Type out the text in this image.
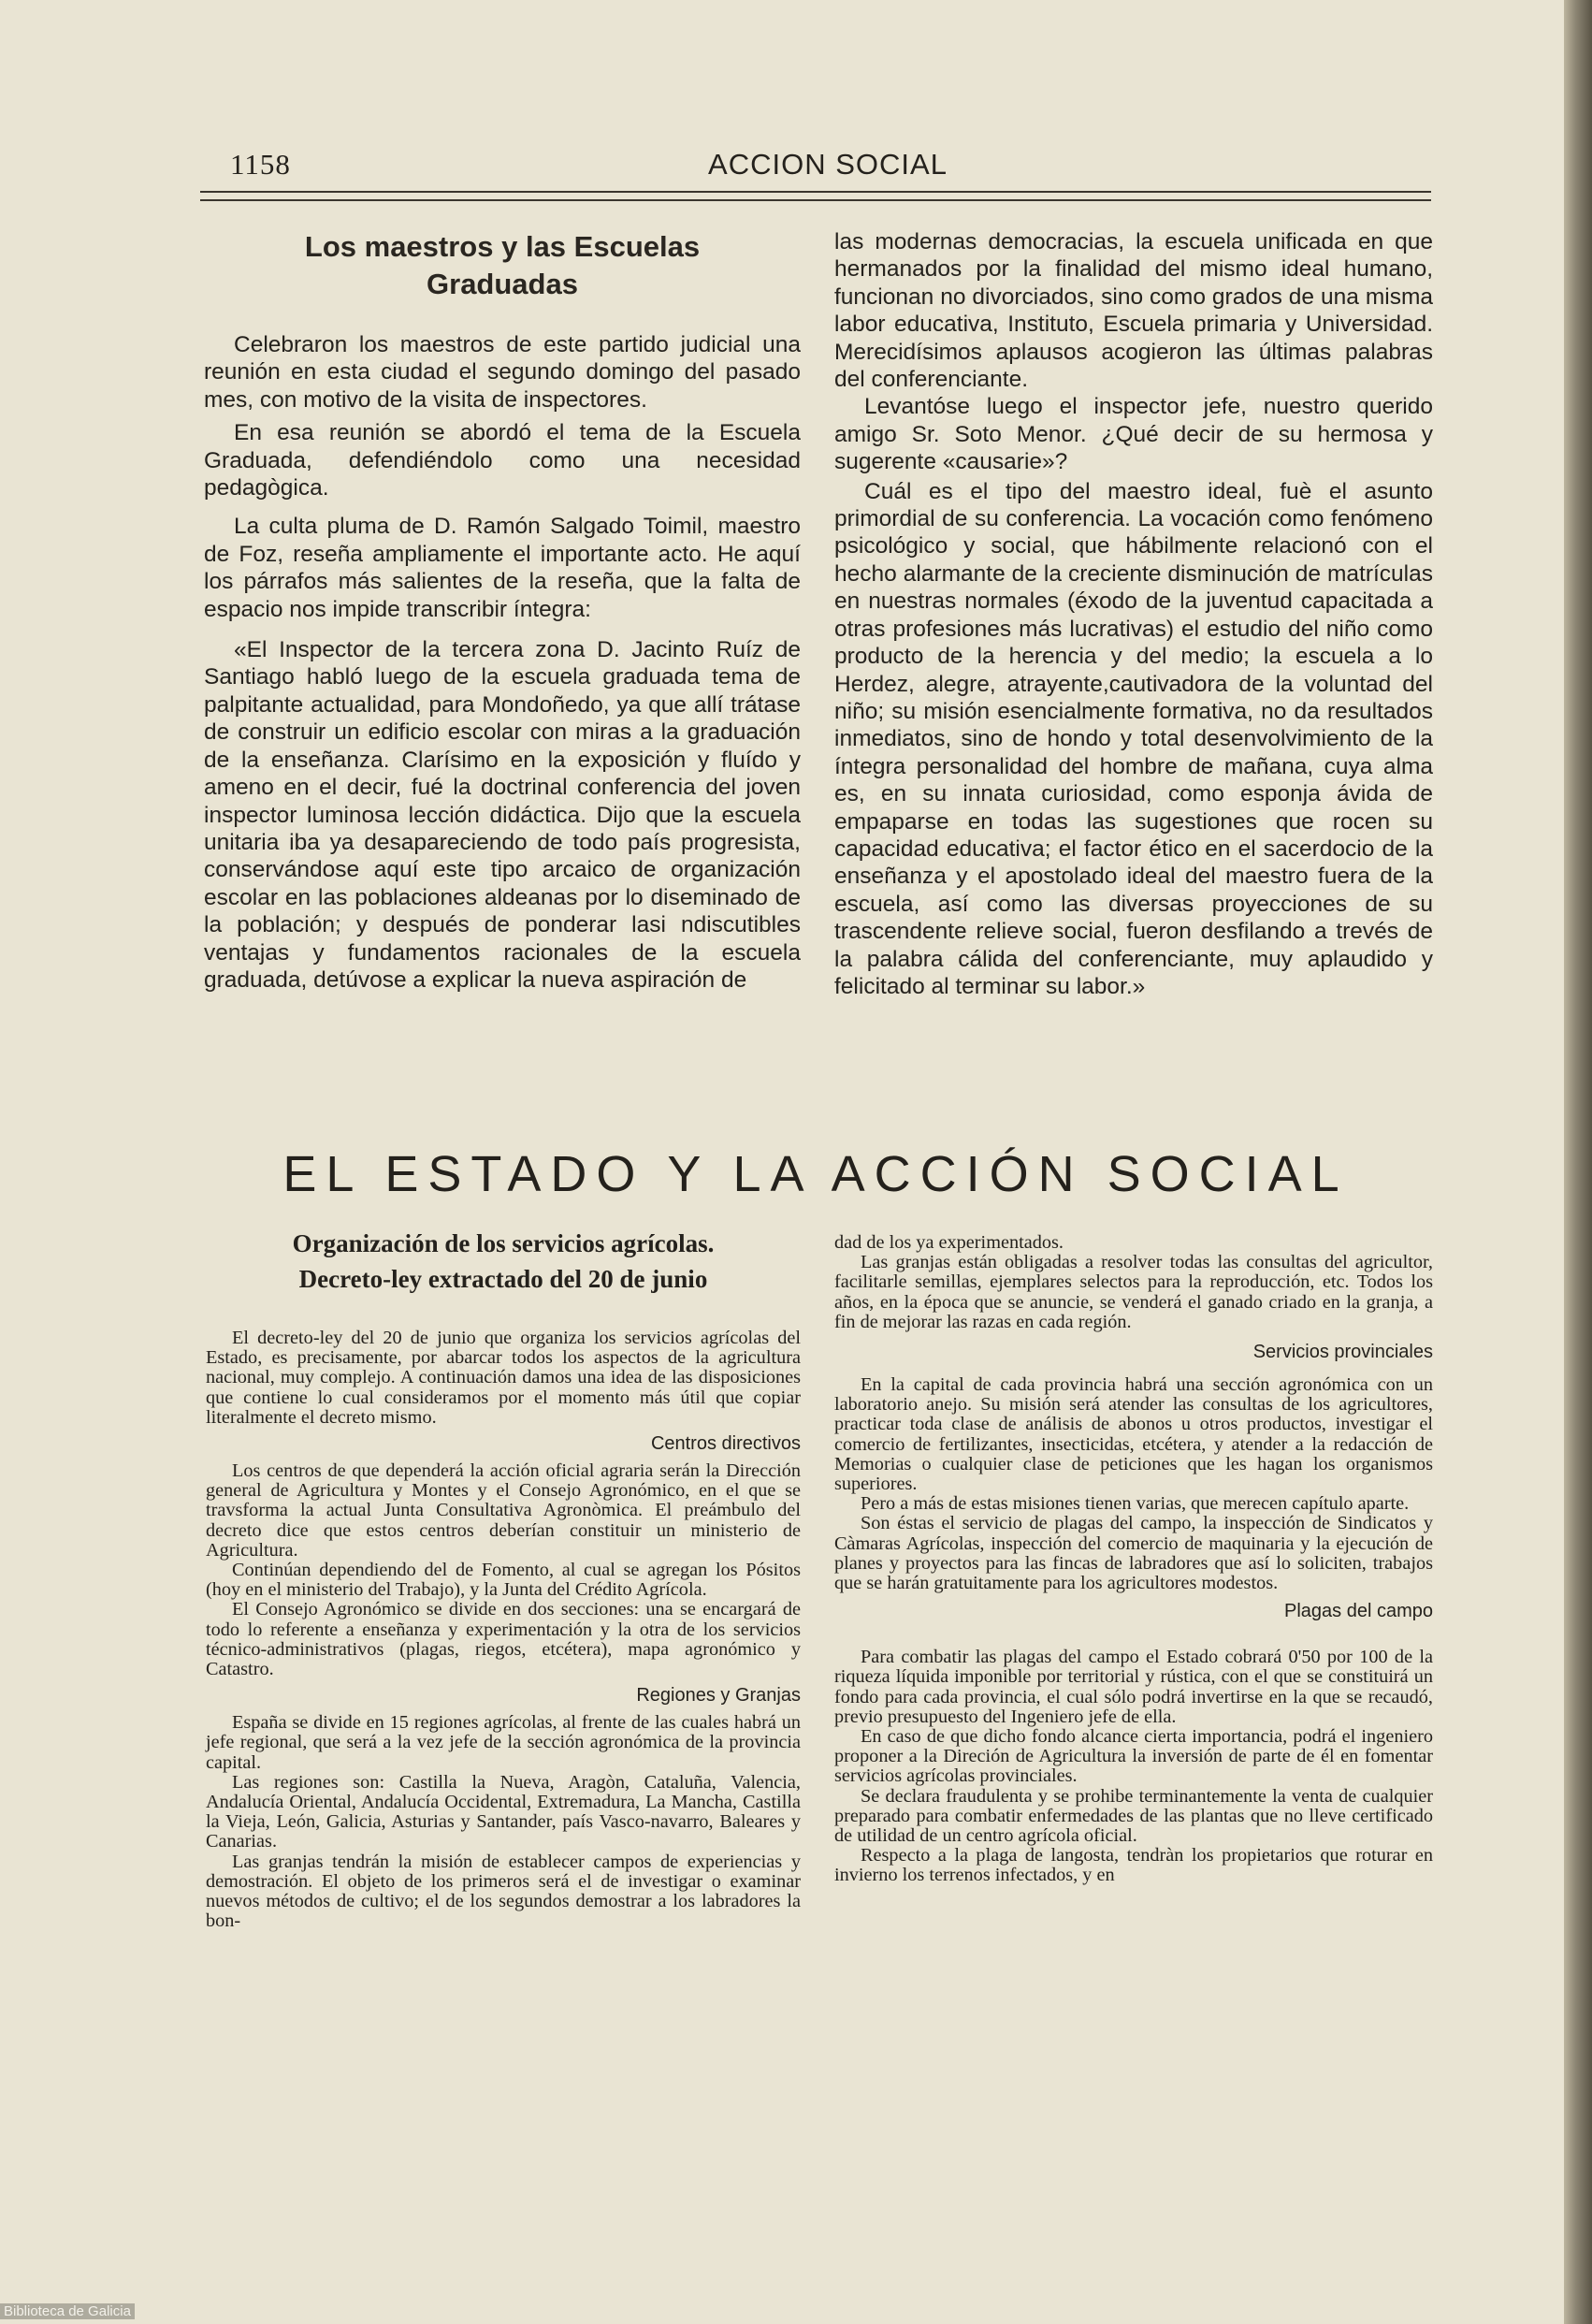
1158	ACCION SOCIAL
Los maestros y las Escuelas
Graduadas

Celebraron los maestros de este partido judicial una reunión en esta ciudad el segundo domingo del pasado mes, con motivo de la visita de inspectores.

En esa reunión se abordó el tema de la Escuela Graduada, defendiéndolo como una necesidad pedagògica.

La culta pluma de D. Ramón Salgado Toimil, maestro de Foz, reseña ampliamente el importante acto. He aquí los párrafos más salientes de la reseña, que la falta de espacio nos impide transcribir íntegra:

«El Inspector de la tercera zona D. Jacinto Ruíz de Santiago habló luego de la escuela graduada tema de palpitante actualidad, para Mondoñedo, ya que allí trátase de construir un edificio escolar con miras a la graduación de la enseñanza. Clarísimo en la exposición y fluído y ameno en el decir, fué la doctrinal conferencia del joven inspector luminosa lección didáctica. Dijo que la escuela unitaria iba ya desapareciendo de todo país progresista, conservándose aquí este tipo arcaico de organización escolar en las poblaciones aldeanas por lo diseminado de la población; y después de ponderar lasi ndiscutibles ventajas y fundamentos racionales de la escuela graduada, detúvose a explicar la nueva aspiración de

las modernas democracias, la escuela unificada en que hermanados por la finalidad del mismo ideal humano, funcionan no divorciados, sino como grados de una misma labor educativa, Instituto, Escuela primaria y Universidad. Merecidísimos aplausos acogieron las últimas palabras del conferenciante.

Levantóse luego el inspector jefe, nuestro querido amigo Sr. Soto Menor. ¿Qué decir de su hermosa y sugerente «causarie»?

Cuál es el tipo del maestro ideal, fuè el asunto primordial de su conferencia. La vocación como fenómeno psicológico y social, que hábilmente relacionó con el hecho alarmante de la creciente disminución de matrículas en nuestras normales (éxodo de la juventud capacitada a otras profesiones más lucrativas) el estudio del niño como producto de la herencia y del medio; la escuela a lo Herdez, alegre, atrayente,cautivadora de la voluntad del niño; su misión esencialmente formativa, no da resultados inmediatos, sino de hondo y total desenvolvimiento de la íntegra personalidad del hombre de mañana, cuya alma es, en su innata curiosidad, como esponja ávida de empaparse en todas las sugestiones que rocen su capacidad educativa; el factor ético en el sacerdocio de la enseñanza y el apostolado ideal del maestro fuera de la escuela, así como las diversas proyecciones de su trascendente relieve social, fueron desfilando a trevés de la palabra cálida del conferenciante, muy aplaudido y felicitado al terminar su labor.»

EL ESTADO Y LA ACCIÓN SOCIAL
Organización de los servicios agrícolas.
Decreto-ley extractado del 20 de junio

El decreto-ley del 20 de junio que organiza los servicios agrícolas del Estado, es precisamente, por abarcar todos los aspectos de la agricultura nacional, muy complejo. A continuación damos una idea de las disposiciones que contiene lo cual consideramos por el momento más útil que copiar literalmente el decreto mismo.

Centros directivos

Los centros de que dependerá la acción oficial agraria serán la Dirección general de Agricultura y Montes y el Consejo Agronómico, en el que se travsforma la actual Junta Consultativa Agronòmica. El preámbulo del decreto dice que estos centros deberían constituir un ministerio de Agricultura.

Continúan dependiendo del de Fomento, al cual se agregan los Pósitos (hoy en el ministerio del Trabajo), y la Junta del Crédito Agrícola.

El Consejo Agronómico se divide en dos secciones: una se encargará de todo lo referente a enseñanza y experimentación y la otra de los servicios técnico-administrativos (plagas, riegos, etcétera), mapa agronómico y Catastro.

Regiones y Granjas

España se divide en 15 regiones agrícolas, al frente de las cuales habrá un jefe regional, que será a la vez jefe de la sección agronómica de la provincia capital.

Las regiones son: Castilla la Nueva, Aragòn, Cataluña, Valencia, Andalucía Oriental, Andalucía Occidental, Extremadura, La Mancha, Castilla la Vieja, León, Galicia, Asturias y Santander, país Vasco-navarro, Baleares y Canarias.

Las granjas tendrán la misión de establecer campos de experiencias y demostración. El objeto de los primeros será el de investigar o examinar nuevos métodos de cultivo; el de los segundos demostrar a los labradores la bon-

dad de los ya experimentados.

Las granjas están obligadas a resolver todas las consultas del agricultor, facilitarle semillas, ejemplares selectos para la reproducción, etc. Todos los años, en la época que se anuncie, se venderá el ganado criado en la granja, a fin de mejorar las razas en cada región.

Servicios provinciales

En la capital de cada provincia habrá una sección agronómica con un laboratorio anejo. Su misión será atender las consultas de los agricultores, practicar toda clase de análisis de abonos u otros productos, investigar el comercio de fertilizantes, insecticidas, etcétera, y atender a la redacción de Memorias o cualquier clase de peticiones que les hagan los organismos superiores.

Pero a más de estas misiones tienen varias, que merecen capítulo aparte.

Son éstas el servicio de plagas del campo, la inspección de Sindicatos y Càmaras Agrícolas, inspección del comercio de maquinaria y la ejecución de planes y proyectos para las fincas de labradores que así lo soliciten, trabajos que se harán gratuitamente para los agricultores modestos.

Plagas del campo

Para combatir las plagas del campo el Estado cobrará 0'50 por 100 de la riqueza líquida imponible por territorial y rústica, con el que se constituirá un fondo para cada provincia, el cual sólo podrá invertirse en la que se recaudó, previo presupuesto del Ingeniero jefe de ella.

En caso de que dicho fondo alcance cierta importancia, podrá el ingeniero proponer a la Direción de Agricultura la inversión de parte de él en fomentar servicios agrícolas provinciales.

Se declara fraudulenta y se prohibe terminantemente la venta de cualquier preparado para combatir enfermedades de las plantas que no lleve certificado de utilidad de un centro agrícola oficial.

Respecto a la plaga de langosta, tendràn los propietarios que roturar en invierno los terrenos infectados, y en

Biblioteca de Galicia
